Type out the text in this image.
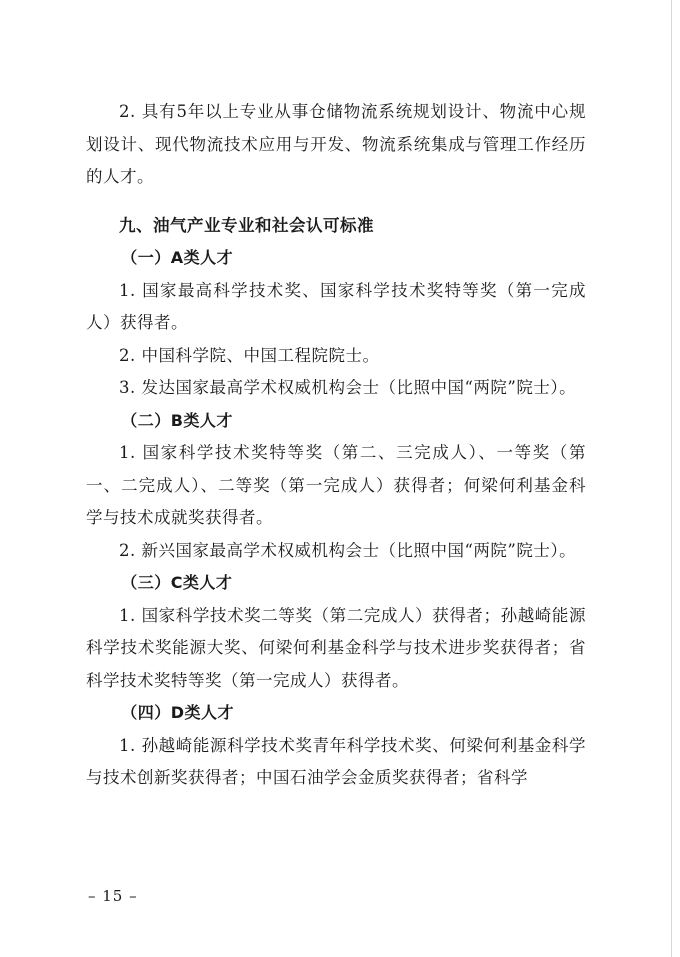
2. 具有5年以上专业从事仓储物流系统规划设计、物流中心规划设计、现代物流技术应用与开发、物流系统集成与管理工作经历的人才。

九、油气产业专业和社会认可标准

（一）A类人才

1. 国家最高科学技术奖、国家科学技术奖特等奖（第一完成人）获得者。

2. 中国科学院、中国工程院院士。

3. 发达国家最高学术权威机构会士（比照中国“两院”院士）。

（二）B类人才

1. 国家科学技术奖特等奖（第二、三完成人）、一等奖（第一、二完成人）、二等奖（第一完成人）获得者；何梁何利基金科学与技术成就奖获得者。

2. 新兴国家最高学术权威机构会士（比照中国“两院”院士）。

（三）C类人才

1. 国家科学技术奖二等奖（第二完成人）获得者；孙越崎能源科学技术奖能源大奖、何梁何利基金科学与技术进步奖获得者；省科学技术奖特等奖（第一完成人）获得者。

（四）D类人才

1. 孙越崎能源科学技术奖青年科学技术奖、何梁何利基金科学与技术创新奖获得者；中国石油学会金质奖获得者；省科学

– 15 –
